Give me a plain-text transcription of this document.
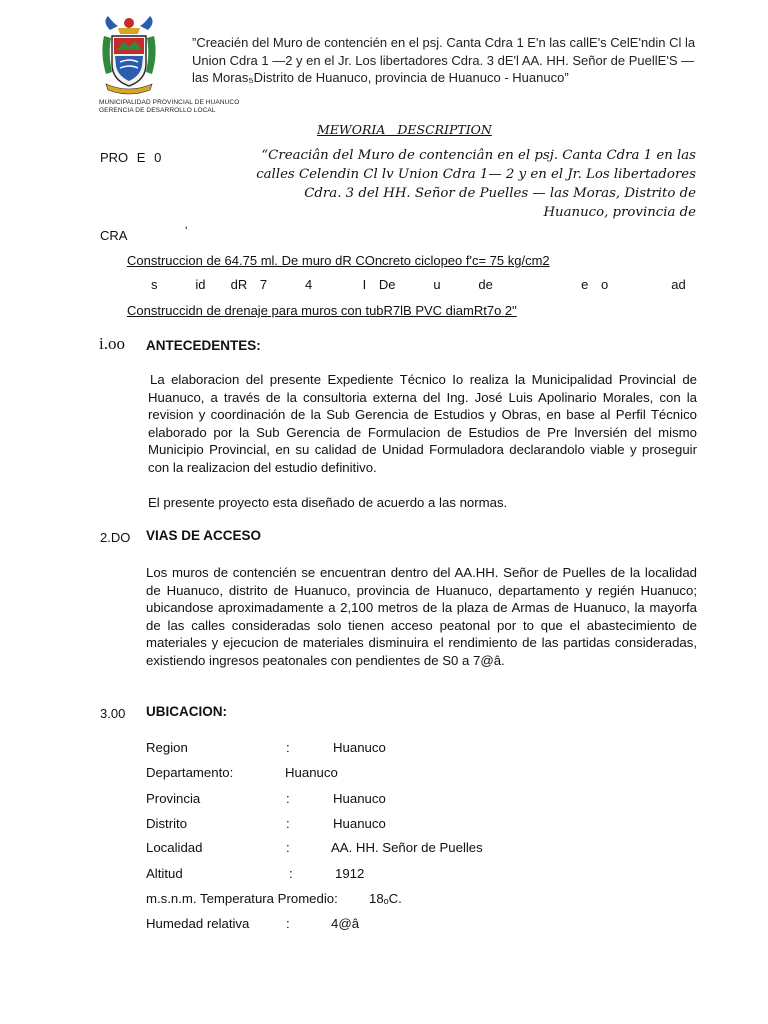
MUNICIPALIDAD PROVINCIAL DE HUANUCO
GERENCIA DE DESARROLLO LOCAL
”Creacién del Muro de contencién en el psj. Canta Cdra 1 E'n las callE's CelE'ndin Cl la Union Cdra 1 —2 y en el Jr. Los libertadores Cdra. 3 dE'l AA. HH. Señor de PuellE'S — las Moras₅Distrito de Huanuco, provincia de Huanuco - Huanuco”
MEWORIA DESCRIPTION
PRO E 0	“Creaciân del Muro de contenciân en el psj. Canta Cdra 1 en las calles Celendin Cl lv Union Cdra 1— 2 y en el Jr. Los libertadores Cdra. 3 del HH. Señor de Puelles — las Moras, Distrito de Huanuco, provincia de
CRA	'
Construccion de 64.75 ml. De muro dR COncreto ciclopeo f'c= 75 kg/cm2
s   id  dR 7   4    I De   u   de       e o     ad
Construccidn de drenaje para muros con tubR7lB PVC diamRt7o 2"
i.oo ANTECEDENTES:
La elaboracion del presente Expediente Técnico Io realiza la Municipalidad Provincial de Huanuco, a través de la consultoria externa del Ing. José Luis Apolinario Morales, con la revision y coordinación de la Sub Gerencia de Estudios y Obras, en base al Perfil Técnico elaborado por la Sub Gerencia de Formulacion de Estudios de Pre lnversién del mismo Municipio Provincial, en su calidad de Unidad Formuladora declarandolo viable y proseguir con la realizacion del estudio definitivo.
El presente proyecto esta diseñado de acuerdo a las normas.
2.DO VIAS DE ACCESO
Los muros de contencién se encuentran dentro del AA.HH. Señor de Puelles de la localidad de Huanuco, distrito de Huanuco, provincia de Huanuco, departamento y regién Huanuco; ubicandose aproximadamente a 2,100 metros de la plaza de Armas de Huanuco, la mayorfa de las calles consideradas solo tienen acceso peatonal por to que el abastecimiento de materiales y ejecucion de materiales disminuira el rendimiento de las partidas consideradas, existiendo ingresos peatonales con pendientes de S0 a 7@â.
3.00 UBICACION:
Region	:	Huanuco
Departamento:	Huanuco
Provincia	:	Huanuco
Distrito	:	Huanuco
Localidad	:	AA. HH. Señor de Puelles
Altitud	:	1912
m.s.n.m. Temperatura Promedio: 18ₒC.
Humedad relativa	:	4@â
